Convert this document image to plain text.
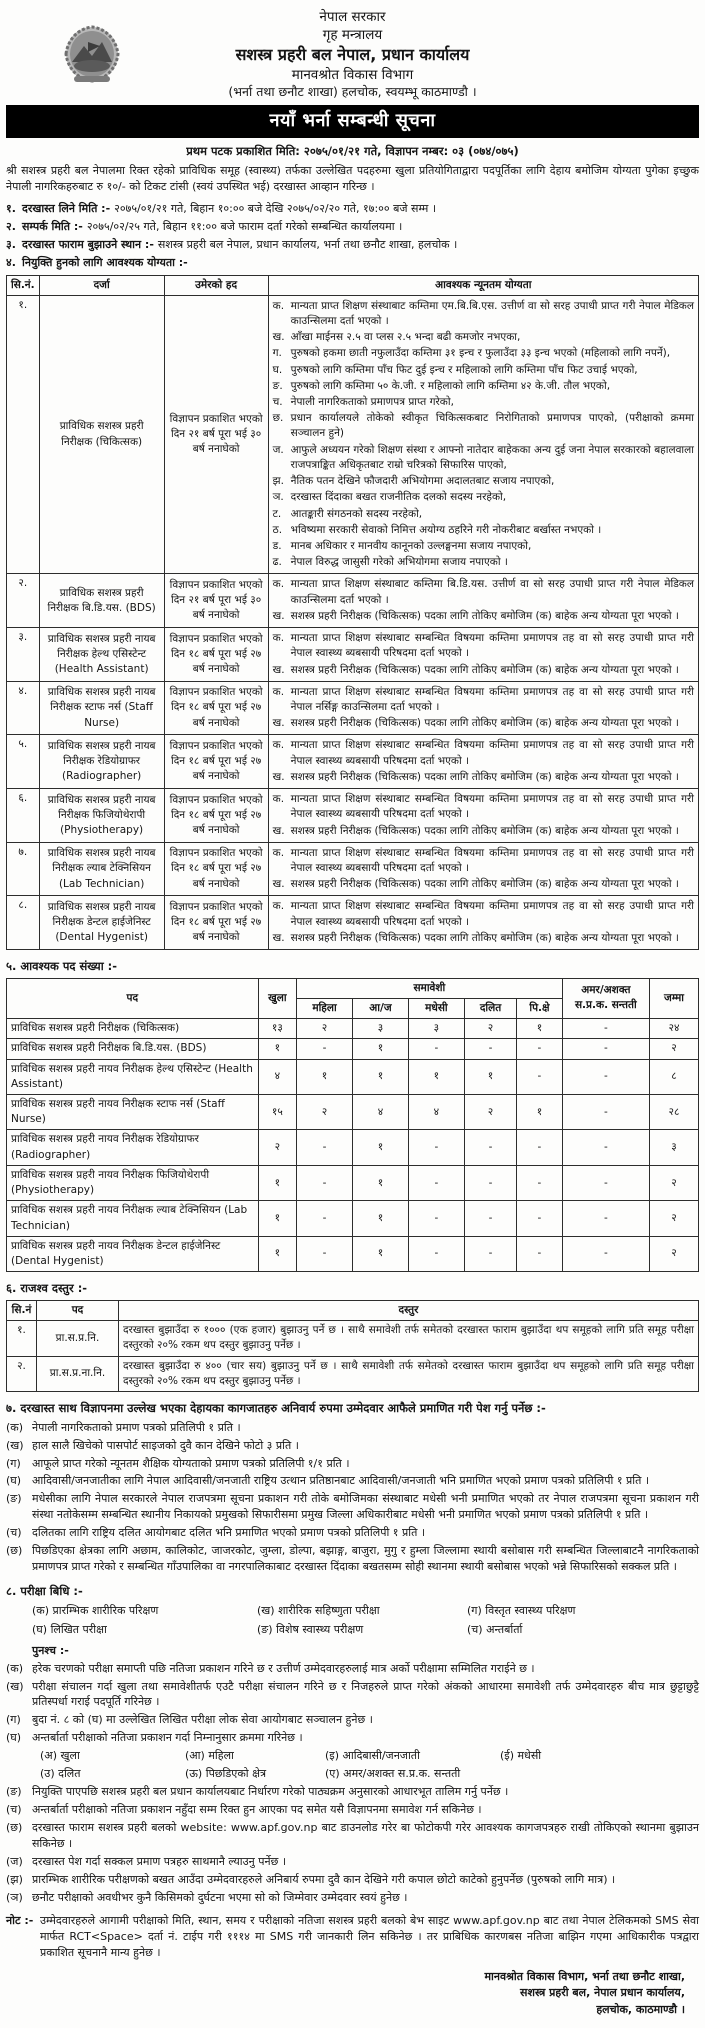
नेपाल सरकार
गृह मन्त्रालय
सशस्त्र प्रहरी बल नेपाल, प्रधान कार्यालय
मानवश्रोत विकास विभाग
(भर्ना तथा छनौट शाखा) हलचोक, स्वयम्भू काठमाण्डौ ।
नयाँ भर्ना सम्बन्धी सूचना
प्रथम पटक प्रकाशित मिति: २०७५/०१/२१ गते, विज्ञापन नम्बर: ०३ (०७४/०७५)
श्री सशस्त्र प्रहरी बल नेपालमा रिक्त रहेको प्राविधिक समूह (स्वास्थ्य) तर्फका उल्लेखित पदहरुमा खुला प्रतियोगिताद्वारा पदपूर्तिका लागि देहाय बमोजिम योग्यता पुगेका इच्छुक नेपाली नागरिकहरुबाट रु १०/- को टिकट टांसी (स्वयं उपस्थित भई) दरखास्त आव्हान गरिन्छ ।
१. दरखास्त लिने मिति :- २०७५/०१/२१ गते, बिहान १०:०० बजे देखि २०७५/०२/२० गते, १७:०० बजे सम्म ।
२. सम्पर्क मिति :- २०७५/०२/२५ गते, बिहान ११:०० बजे फाराम दर्ता गरेको सम्बन्धित कार्यालयमा ।
३. दरखास्त फाराम बुझाउने स्थान :- सशस्त्र प्रहरी बल नेपाल, प्रधान कार्यालय, भर्ना तथा छनौट शाखा, हलचोक ।
४. नियुक्ति हुनको लागि आवश्यक योग्यता :-
सि.नं.	दर्जा	उमेरको हद	आवश्यक न्यूनतम योग्यता
१.	प्राविधिक सशस्त्र प्रहरी निरीक्षक (चिकित्सक)	विज्ञापन प्रकाशित भएको दिन २१ बर्ष पूरा भई ३० बर्ष ननाघेको	
क. मान्यता प्राप्त शिक्षण संस्थाबाट कम्तिमा एम.बि.बि.एस. उत्तीर्ण वा सो सरह उपाधी प्राप्त गरी नेपाल मेडिकल काउन्सिलमा दर्ता भएको ।
ख. आँखा माईनस २.५ वा प्लस २.५ भन्दा बढी कमजोर नभएका,
ग. पुरुषको हकमा छाती नफुलाउँदा कम्तिमा ३१ इन्च र फुलाउँदा ३३ इन्च भएको (महिलाको लागि नपर्ने),
घ. पुरुषको लागि कम्तिमा पाँच फिट दुई इन्च र महिलाको लागि कम्तिमा पाँच फिट उचाई भएको,
ङ. पुरुषको लागि कम्तिमा ५० के.जी. र महिलाको लागि कम्तिमा ४२ के.जी. तौल भएको,
च. नेपाली नागरिकताको प्रमाणपत्र प्राप्त गरेको,
छ. प्रधान कार्यालयले तोकेको स्वीकृत चिकित्सकबाट निरोगिताको प्रमाणपत्र पाएको, (परीक्षाको क्रममा सञ्चालन हुने)
ज. आफुले अध्ययन गरेको शिक्षण संस्था र आफ्नो नातेदार बाहेकका अन्य दुई जना नेपाल सरकारको बहालवाला राजपत्राङ्कित अधिकृतबाट राम्रो चरित्रको सिफारिस पाएको,
झ. नैतिक पतन देखिने फौजदारी अभियोगमा अदालतबाट सजाय नपाएको,
ञ. दरखास्त दिंदाका बखत राजनीतिक दलको सदस्य नरहेको,
ट. आतङ्कारी संगठनको सदस्य नरहेको,
ठ. भविष्यमा सरकारी सेवाको निमित्त अयोग्य ठहरिने गरी नोकरीबाट बर्खास्त नभएको ।
ड. मानब अधिकार र मानवीय कानूनको उल्लङ्घनमा सजाय नपाएको,
ढ. नेपाल विरुद्ध जासुसी गरेको अभियोगमा सजाय नपाएको ।

२.	प्राविधिक सशस्त्र प्रहरी निरीक्षक बि.डि.यस. (BDS)	विज्ञापन प्रकाशित भएको दिन २१ बर्ष पूरा भई ३० बर्ष ननाघेको	क. मान्यता प्राप्त शिक्षण संस्थाबाट कम्तिमा बि.डि.यस. उत्तीर्ण वा सो सरह उपाधी प्राप्त गरी नेपाल मेडिकल काउन्सिलमा दर्ता भएको ।
ख. सशस्त्र प्रहरी निरीक्षक (चिकित्सक) पदका लागि तोकिए बमोजिम (क) बाहेक अन्य योग्यता पूरा भएको ।

३.	प्राविधिक सशस्त्र प्रहरी नायब निरीक्षक हेल्थ एसिस्टेन्ट (Health Assistant)	विज्ञापन प्रकाशित भएको दिन १८ बर्ष पूरा भई २७ बर्ष ननाघेको	क. मान्यता प्राप्त शिक्षण संस्थाबाट सम्बन्धित विषयमा कम्तिमा प्रमाणपत्र तह वा सो सरह उपाधी प्राप्त गरी नेपाल स्वास्थ्य ब्यबसायी परिषदमा दर्ता भएको ।
ख. सशस्त्र प्रहरी निरीक्षक (चिकित्सक) पदका लागि तोकिए बमोजिम (क) बाहेक अन्य योग्यता पूरा भएको ।

४.	प्राविधिक सशस्त्र प्रहरी नायब निरीक्षक स्टाफ नर्स (Staff Nurse)	विज्ञापन प्रकाशित भएको दिन १८ बर्ष पूरा भई २७ बर्ष ननाघेको	क. मान्यता प्राप्त शिक्षण संस्थाबाट सम्बन्धित विषयमा कम्तिमा प्रमाणपत्र तह वा सो सरह उपाधी प्राप्त गरी नेपाल नर्सिङ्ग काउन्सिलमा दर्ता भएको ।
ख. सशस्त्र प्रहरी निरीक्षक (चिकित्सक) पदका लागि तोकिए बमोजिम (क) बाहेक अन्य योग्यता पूरा भएको ।

५.	प्राविधिक सशस्त्र प्रहरी नायब निरीक्षक रेडियोग्राफर (Radiographer)	विज्ञापन प्रकाशित भएको दिन १८ बर्ष पूरा भई २७ बर्ष ननाघेको	क. मान्यता प्राप्त शिक्षण संस्थाबाट सम्बन्धित विषयमा कम्तिमा प्रमाणपत्र तह वा सो सरह उपाधी प्राप्त गरी नेपाल स्वास्थ्य ब्यबसायी परिषदमा दर्ता भएको ।
ख. सशस्त्र प्रहरी निरीक्षक (चिकित्सक) पदका लागि तोकिए बमोजिम (क) बाहेक अन्य योग्यता पूरा भएको ।

६.	प्राविधिक सशस्त्र प्रहरी नायब निरीक्षक फिजियोथेरापी (Physiotherapy)	विज्ञापन प्रकाशित भएको दिन १८ बर्ष पूरा भई २७ बर्ष ननाघेको	क. मान्यता प्राप्त शिक्षण संस्थाबाट सम्बन्धित विषयमा कम्तिमा प्रमाणपत्र तह वा सो सरह उपाधी प्राप्त गरी नेपाल स्वास्थ्य ब्यबसायी परिषदमा दर्ता भएको ।
ख. सशस्त्र प्रहरी निरीक्षक (चिकित्सक) पदका लागि तोकिए बमोजिम (क) बाहेक अन्य योग्यता पूरा भएको ।

७.	प्राविधिक सशस्त्र प्रहरी नायब निरीक्षक ल्याब टेक्निसियन (Lab Technician)	विज्ञापन प्रकाशित भएको दिन १८ बर्ष पूरा भई २७ बर्ष ननाघेको	क. मान्यता प्राप्त शिक्षण संस्थाबाट सम्बन्धित विषयमा कम्तिमा प्रमाणपत्र तह वा सो सरह उपाधी प्राप्त गरी नेपाल स्वास्थ्य ब्यबसायी परिषदमा दर्ता भएको ।
ख. सशस्त्र प्रहरी निरीक्षक (चिकित्सक) पदका लागि तोकिए बमोजिम (क) बाहेक अन्य योग्यता पूरा भएको ।

८.	प्राविधिक सशस्त्र प्रहरी नायब निरीक्षक डेन्टल हाईजेनिस्ट (Dental Hygenist)	विज्ञापन प्रकाशित भएको दिन १८ बर्ष पूरा भई २७ बर्ष ननाघेको	क. मान्यता प्राप्त शिक्षण संस्थाबाट सम्बन्धित विषयमा कम्तिमा प्रमाणपत्र तह वा सो सरह उपाधी प्राप्त गरी नेपाल स्वास्थ्य ब्यबसायी परिषदमा दर्ता भएको ।
ख. सशस्त्र प्रहरी निरीक्षक (चिकित्सक) पदका लागि तोकिए बमोजिम (क) बाहेक अन्य योग्यता पूरा भएको ।
५. आवश्यक पद संख्या :-
पद	खुला	समावेशी					अमर/अशक्त स.प्र.क. सन्तती	जम्मा
		महिला	आ/ज	मधेसी	दलित	पि.क्षे		
प्राविधिक सशस्त्र प्रहरी निरीक्षक (चिकित्सक)	१३	२	३	३	२	१	-	२४
प्राविधिक सशस्त्र प्रहरी निरीक्षक बि.डि.यस. (BDS)	१	-	१	-	-	-	-	२
प्राविधिक सशस्त्र प्रहरी नायव निरीक्षक हेल्थ एसिस्टेन्ट (Health Assistant)	४	१	१	१	१	-	-	८
प्राविधिक सशस्त्र प्रहरी नायव निरीक्षक स्टाफ नर्स (Staff Nurse)	१५	२	४	४	२	१	-	२८
प्राविधिक सशस्त्र प्रहरी नायव निरीक्षक रेडियोग्राफर (Radiographer)	२	-	१	-	-	-	-	३
प्राविधिक सशस्त्र प्रहरी नायव निरीक्षक फिजियोथेरापी (Physiotherapy)	१	-	१	-	-	-	-	२
प्राविधिक सशस्त्र प्रहरी नायव निरीक्षक ल्याब टेक्निसियन (Lab Technician)	१	-	१	-	-	-	-	२
प्राविधिक सशस्त्र प्रहरी नायव निरीक्षक डेन्टल हाईजेनिस्ट (Dental Hygenist)	१	-	१	-	-	-	-	२
६. राजश्व दस्तुर :-
सि.नं	पद	दस्तुर
१.	प्रा.स.प्र.नि.	दरखास्त बुझाउँदा रु १००० (एक हजार) बुझाउनु पर्ने छ । साथै समावेशी तर्फ समेतको दरखास्त फाराम बुझाउँदा थप समूहको लागि प्रति समूह परीक्षा दस्तुरको २०% रकम थप दस्तुर बुझाउनु पर्नेछ ।
२.	प्रा.स.प्र.ना.नि.	दरखास्त बुझाउँदा रु ४०० (चार सय) बुझाउनु पर्ने छ । साथै समावेशी तर्फ समेतको दरखास्त फाराम बुझाउँदा थप समूहको लागि प्रति समूह परीक्षा दस्तुरको २०% रकम थप दस्तुर बुझाउनु पर्नेछ ।
७. दरखास्त साथ विज्ञापनमा उल्लेख भएका देहायका कागजातहरु अनिवार्य रुपमा उम्मेदवार आफैले प्रमाणित गरी पेश गर्नु पर्नेछ :-
(क) नेपाली नागरिकताको प्रमाण पत्रको प्रतिलिपी १ प्रति ।
(ख) हाल सालै खिचेको पासपोर्ट साइजको दुवै कान देखिने फोटो ३ प्रति ।
(ग)	आफूले प्राप्त गरेको न्यूनतम शैक्षिक योग्यताको प्रमाण पत्रको प्रतिलिपी १/१ प्रति ।
(घ) आदिवासी/जनजातीका लागि नेपाल आदिवासी/जनजाती राष्ट्रिय उत्थान प्रतिष्ठानबाट आदिवासी/जनजाती भनि प्रमाणित भएको प्रमाण पत्रको प्रतिलिपी १ प्रति ।
(ङ) मधेसीका लागि नेपाल सरकारले नेपाल राजपत्रमा सूचना प्रकाशन गरी तोके बमोजिमका संस्थाबाट मधेसी भनी प्रमाणित भएको तर नेपाल राजपत्रमा सूचना प्रकाशन गरी संस्था नतोकेसम्म सम्बन्धित स्थानीय निकायको प्रमुखको सिफारीसमा प्रमुख जिल्ला अधिकारीबाट मधेसी भनी प्रमाणित भएको प्रमाण पत्रको प्रतिलिपी १ प्रति ।
(च) दलितका लागि राष्ट्रिय दलित आयोगबाट दलित भनि प्रमाणित भएको प्रमाण पत्रको प्रतिलिपी १ प्रति ।
(छ) पिछडिएका क्षेत्रका लागि अछाम, कालिकोट, जाजरकोट, जुम्ला, डोल्पा, बझाङ्ग, बाजुरा, मुगु र हुम्ला जिल्लामा स्थायी बसोबास गरी सम्बन्धित जिल्लाबाटनै नागरिकताको प्रमाणपत्र प्राप्त गरेको र सम्बन्धित गाँउपालिका वा नगरपालिकाबाट दरखास्त दिंदाका बखतसम्म सोही स्थानमा स्थायी बसोबास भएको भन्ने सिफारिसको सक्कल प्रति ।
८. परीक्षा बिधि :-
(क) प्रारम्भिक शारीरिक परिक्षण	(ख) शारीरिक सहिष्णुता परीक्षा	(ग) विस्तृत स्वास्थ्य परिक्षण
(घ) लिखित परीक्षा	(ङ) विशेष स्वास्थ्य परीक्षण	(च) अन्तर्बार्ता
पुनश्च :-
(क) हरेक चरणको परीक्षा समाप्ती पछि नतिजा प्रकाशन गरिने छ र उत्तीर्ण उम्मेदवारहरुलाई मात्र अर्को परीक्षामा सम्मिलित गराईने छ ।
(ख) परीक्षा संचालन गर्दा खुला तथा समावेशीतर्फ एउटै परीक्षा संचालन गरिने छ र निजहरुले प्राप्त गरेको अंकको आधारमा समावेशी तर्फ उम्मेदवारहरु बीच मात्र छुट्टाछुट्टै प्रतिस्पर्धा गराई पदपूर्ति गरिनेछ ।
(ग)	बुदा नं. ८ को (घ) मा उल्लेखित लिखित परीक्षा लोक सेवा आयोगबाट सञ्चालन हुनेछ ।
(घ) अन्तर्बार्ता परीक्षाको नतिजा प्रकाशन गर्दा निम्नानुसार क्रममा गरिनेछ ।
(अ) खुला	(आ) महिला	(इ) आदिबासी/जनजाती	(ई) मधेसी
(उ) दलित	(ऊ) पिछडिएको क्षेत्र	(ए) अमर/अशक्त स.प्र.क. सन्तती
(ङ) नियुक्ति पाएपछि सशस्त्र प्रहरी बल प्रधान कार्यालयबाट निर्धारण गरेको पाठ्यक्रम अनुसारको आधारभूत तालिम गर्नु पर्नेछ ।
(च) अन्तर्बार्ता परीक्षाको नतिजा प्रकाशन नहुँदा सम्म रिक्त हुन आएका पद समेत यसै विज्ञापनमा समावेश गर्न सकिनेछ ।
(छ) दरखास्त फाराम सशस्त्र प्रहरी बलको website: www.apf.gov.np बाट डाउनलोड गरेर बा फोटोकपी गरेर आवश्यक कागजपत्रहरु राखी तोकिएको स्थानमा बुझाउन सकिनेछ ।
(ज) दरखास्त पेश गर्दा सक्कल प्रमाण पत्रहरु साथमानै ल्याउनु पर्नेछ ।
(झ) प्रारम्भिक शारीरिक परीक्षणको बखत आउँदा उम्मेदवारहरुले अनिबार्य रुपमा दुवै कान देखिने गरी कपाल छोटो काटेको हुनुपर्नेछ (पुरुषको लागि मात्र) ।
(ञ) छनौट परीक्षाको अवधीभर कुनै किसिमको दुर्घटना भएमा सो को जिम्मेवार उम्मेदवार स्वयं हुनेछ ।
नोट :- उम्मेदवारहरुले आगामी परीक्षाको मिति, स्थान, समय र परीक्षाको नतिजा सशस्त्र प्रहरी बलको बेभ साइट www.apf.gov.np बाट तथा नेपाल टेलिकमको SMS सेवा मार्फत RCT<Space> दर्ता नं. टाईप गरी १११४ मा SMS गरी जानकारी लिन सकिनेछ । तर प्राबिधिक कारणबस नतिजा बाझिन गएमा आधिकारीक पत्रद्वारा प्रकाशित सूचनानै मान्य हुनेछ ।
मानवश्रोत विकास विभाग, भर्ना तथा छनौट शाखा,
सशस्त्र प्रहरी बल, नेपाल प्रधान कार्यालय,
हलचोक, काठमाण्डौ ।
